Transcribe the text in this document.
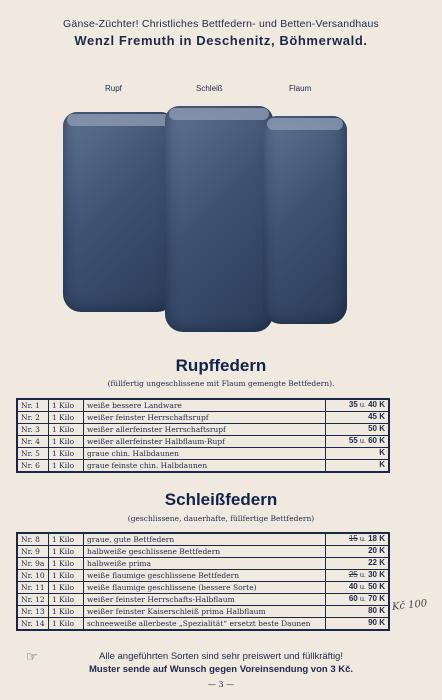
Gänse-Züchter! Christliches Bettfedern- und Betten-Versandhaus
Wenzl Fremuth in Deschenitz, Böhmerwald.
Rupf	Schleiß	Flaum
Rupffedern
(füllfertig ungeschlissene mit Flaum gemengte Bettfedern).
Nr. 1	1 Kilo	weiße bessere Landware	35 u. 40 K
Nr. 2	1 Kilo	weißer feinster Herrschaftsrupf	45 K
Nr. 3	1 Kilo	weißer allerfeinster Herrschaftsrupf	50 K
Nr. 4	1 Kilo	weißer allerfeinster Halbflaum-Rupf	55 u. 60 K
Nr. 5	1 Kilo	graue chin. Halbdaunen	K
Nr. 6	1 Kilo	graue feinste chin. Halbdaunen	K
Schleißfedern
(geschlissene, dauerhafte, füllfertige Bettfedern)
Nr. 8	1 Kilo	graue, gute Bettfedern	15 u. 18 K
Nr. 9	1 Kilo	halbweiße geschlissene Bettfedern	20 K
Nr. 9a	1 Kilo	halbweiße prima	22 K
Nr. 10	1 Kilo	weiße flaumige geschlissene Bettfedern	25 u. 30 K
Nr. 11	1 Kilo	weiße flaumige geschlissene (bessere Sorte)	40 u. 50 K
Nr. 12	1 Kilo	weißer feinster Herrschafts-Halbflaum	60 u. 70 K
Nr. 13	1 Kilo	weißer feinster Kaiserschleiß prima Halbflaum	80 K
Nr. 14	1 Kilo	schneeweiße allerbeste „Spezialität“ ersetzt beste Daunen	90 K
Kč 100
☞	Alle angeführten Sorten sind sehr preiswert und füllkräftig!
Muster sende auf Wunsch gegen Voreinsendung von 3 Kč.
— 3 —
